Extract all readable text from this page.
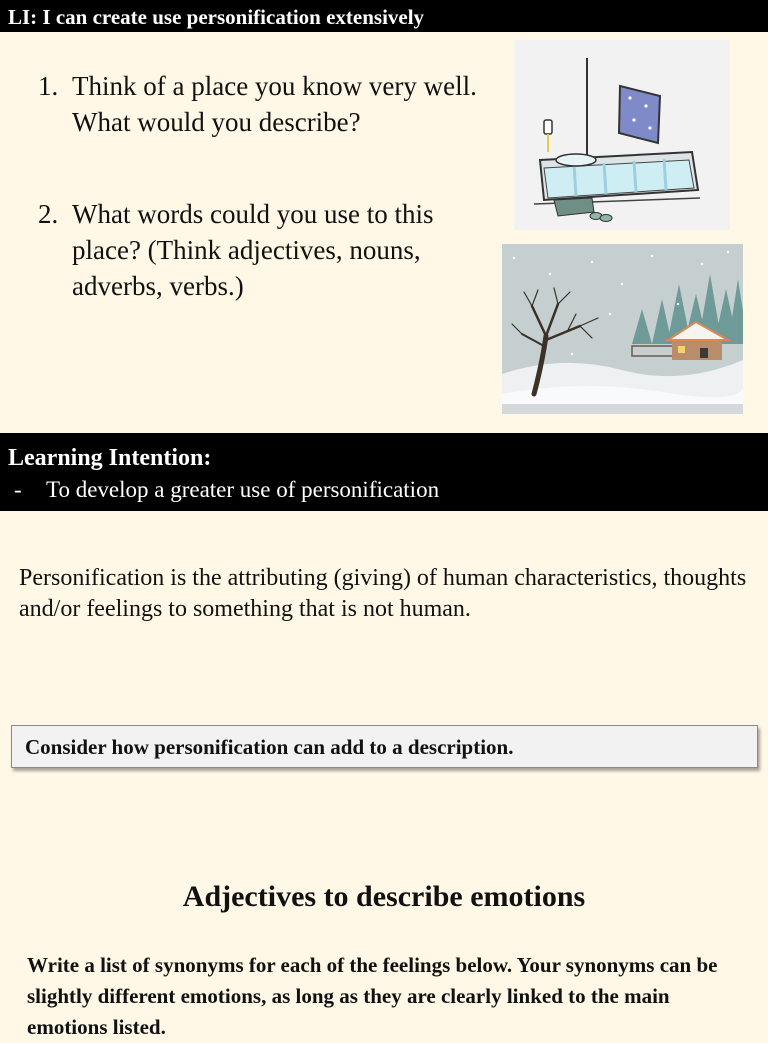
LI: I can create use personification extensively
1. Think of a place you know very well. What would you describe?
2. What words could you use to this place? (Think adjectives, nouns, adverbs, verbs.)
Learning Intention:
- To develop a greater use of personification
Personification is the attributing (giving) of human characteristics, thoughts and/or feelings to something that is not human.
Consider how personification can add to a description.
Adjectives to describe emotions
Write a list of synonyms for each of the feelings below. Your synonyms can be slightly different emotions, as long as they are clearly linked to the main emotions listed.
